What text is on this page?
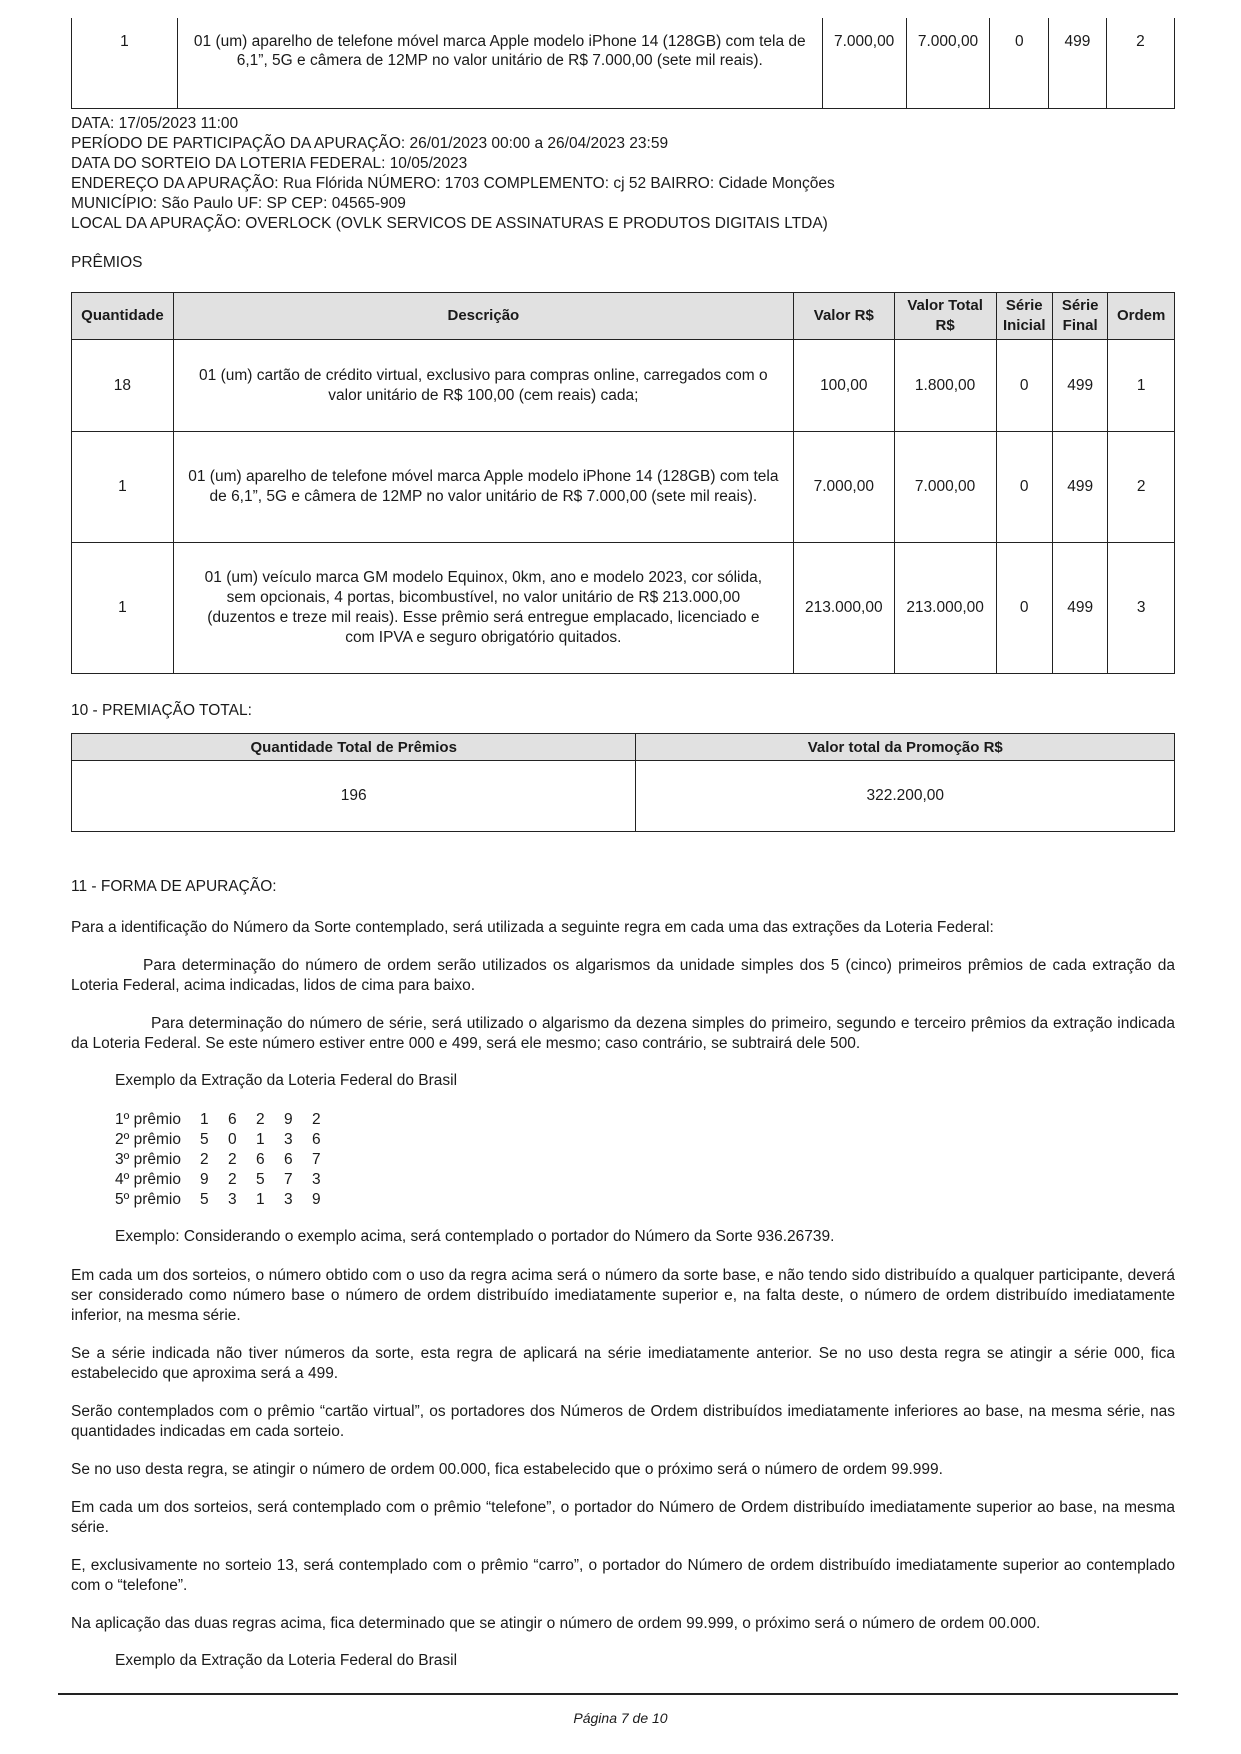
1	01 (um) aparelho de telefone móvel marca Apple modelo iPhone 14 (128GB) com tela de 6,1”, 5G e câmera de 12MP no valor unitário de R$ 7.000,00 (sete mil reais).	7.000,00	7.000,00	0	499	2
DATA: 17/05/2023 11:00
PERÍODO DE PARTICIPAÇÃO DA APURAÇÃO: 26/01/2023 00:00 a 26/04/2023 23:59
DATA DO SORTEIO DA LOTERIA FEDERAL: 10/05/2023
ENDEREÇO DA APURAÇÃO: Rua Flórida NÚMERO: 1703 COMPLEMENTO: cj 52 BAIRRO: Cidade Monções
MUNICÍPIO: São Paulo UF: SP CEP: 04565-909
LOCAL DA APURAÇÃO: OVERLOCK (OVLK SERVICOS DE ASSINATURAS E PRODUTOS DIGITAIS LTDA)
PRÊMIOS
Quantidade	Descrição	Valor R$	Valor Total R$	Série Inicial	Série Final	Ordem
18	01 (um) cartão de crédito virtual, exclusivo para compras online, carregados com o valor unitário de R$ 100,00 (cem reais) cada;	100,00	1.800,00	0	499	1
1	01 (um) aparelho de telefone móvel marca Apple modelo iPhone 14 (128GB) com tela de 6,1”, 5G e câmera de 12MP no valor unitário de R$ 7.000,00 (sete mil reais).	7.000,00	7.000,00	0	499	2
1	01 (um) veículo marca GM modelo Equinox, 0km, ano e modelo 2023, cor sólida, sem opcionais, 4 portas, bicombustível, no valor unitário de R$ 213.000,00 (duzentos e treze mil reais). Esse prêmio será entregue emplacado, licenciado e com IPVA e seguro obrigatório quitados.	213.000,00	213.000,00	0	499	3
10 - PREMIAÇÃO TOTAL:
Quantidade Total de Prêmios	Valor total da Promoção R$
196	322.200,00
11 - FORMA DE APURAÇÃO:
Para a identificação do Número da Sorte contemplado, será utilizada a seguinte regra em cada uma das extrações da Loteria Federal:
Para determinação do número de ordem serão utilizados os algarismos da unidade simples dos 5 (cinco) primeiros prêmios de cada extração da Loteria Federal, acima indicadas, lidos de cima para baixo.
Para determinação do número de série, será utilizado o algarismo da dezena simples do primeiro, segundo e terceiro prêmios da extração indicada da Loteria Federal. Se este número estiver entre 000 e 499, será ele mesmo; caso contrário, se subtrairá dele 500.
Exemplo da Extração da Loteria Federal do Brasil
1º prêmio	1	6	2	9	2
2º prêmio	5	0	1	3	6
3º prêmio	2	2	6	6	7
4º prêmio	9	2	5	7	3
5º prêmio	5	3	1	3	9
Exemplo: Considerando o exemplo acima, será contemplado o portador do Número da Sorte 936.26739.
Em cada um dos sorteios, o número obtido com o uso da regra acima será o número da sorte base, e não tendo sido distribuído a qualquer participante, deverá ser considerado como número base o número de ordem distribuído imediatamente superior e, na falta deste, o número de ordem distribuído imediatamente inferior, na mesma série.
Se a série indicada não tiver números da sorte, esta regra de aplicará na série imediatamente anterior. Se no uso desta regra se atingir a série 000, fica estabelecido que aproxima será a 499.
Serão contemplados com o prêmio “cartão virtual”, os portadores dos Números de Ordem distribuídos imediatamente inferiores ao base, na mesma série, nas quantidades indicadas em cada sorteio.
Se no uso desta regra, se atingir o número de ordem 00.000, fica estabelecido que o próximo será o número de ordem 99.999.
Em cada um dos sorteios, será contemplado com o prêmio “telefone”, o portador do Número de Ordem distribuído imediatamente superior ao base, na mesma série.
E, exclusivamente no sorteio 13, será contemplado com o prêmio “carro”, o portador do Número de ordem distribuído imediatamente superior ao contemplado com o “telefone”.
Na aplicação das duas regras acima, fica determinado que se atingir o número de ordem 99.999, o próximo será o número de ordem 00.000.
Exemplo da Extração da Loteria Federal do Brasil
Página 7 de 10
